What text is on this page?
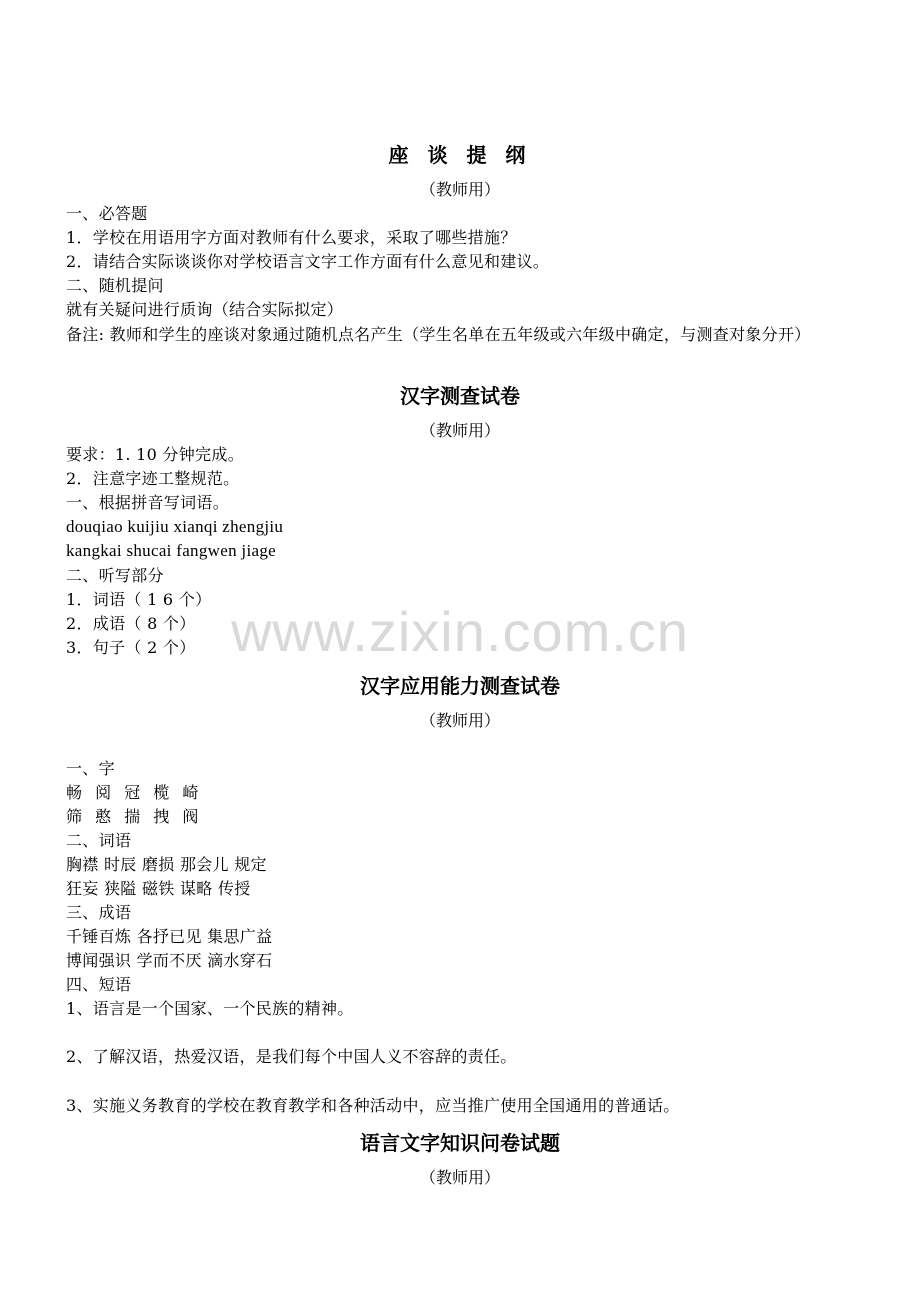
座 谈 提 纲
（教师用）
一、必答题
1．学校在用语用字方面对教师有什么要求，采取了哪些措施？
2．请结合实际谈谈你对学校语言文字工作方面有什么意见和建议。
二、随机提问
就有关疑问进行质询（结合实际拟定）
备注: 教师和学生的座谈对象通过随机点名产生（学生名单在五年级或六年级中确定，与测查对象分开）
汉字测查试卷
（教师用）
要求：1. 10 分钟完成。
2．注意字迹工整规范。
一、根据拼音写词语。
douqiao kuijiu xianqi zhengjiu
kangkai shucai fangwen jiage
二、听写部分
1．词语（ 1 6 个）
2．成语（ 8 个）
3．句子（ 2 个）
汉字应用能力测查试卷
（教师用）
一、字
畅 阅 冠 榄 崎
筛 憨 揣 拽 阀
二、词语
胸襟 时辰 磨损 那会儿 规定
狂妄 狭隘 磁铁 谋略 传授
三、成语
千锤百炼 各抒已见 集思广益
博闻强识 学而不厌 滴水穿石
四、短语
1、语言是一个国家、一个民族的精神。
2、了解汉语，热爱汉语，是我们每个中国人义不容辞的责任。
3、实施义务教育的学校在教育教学和各种活动中，应当推广使用全国通用的普通话。
语言文字知识问卷试题
（教师用）
www.zixin.com.cn
